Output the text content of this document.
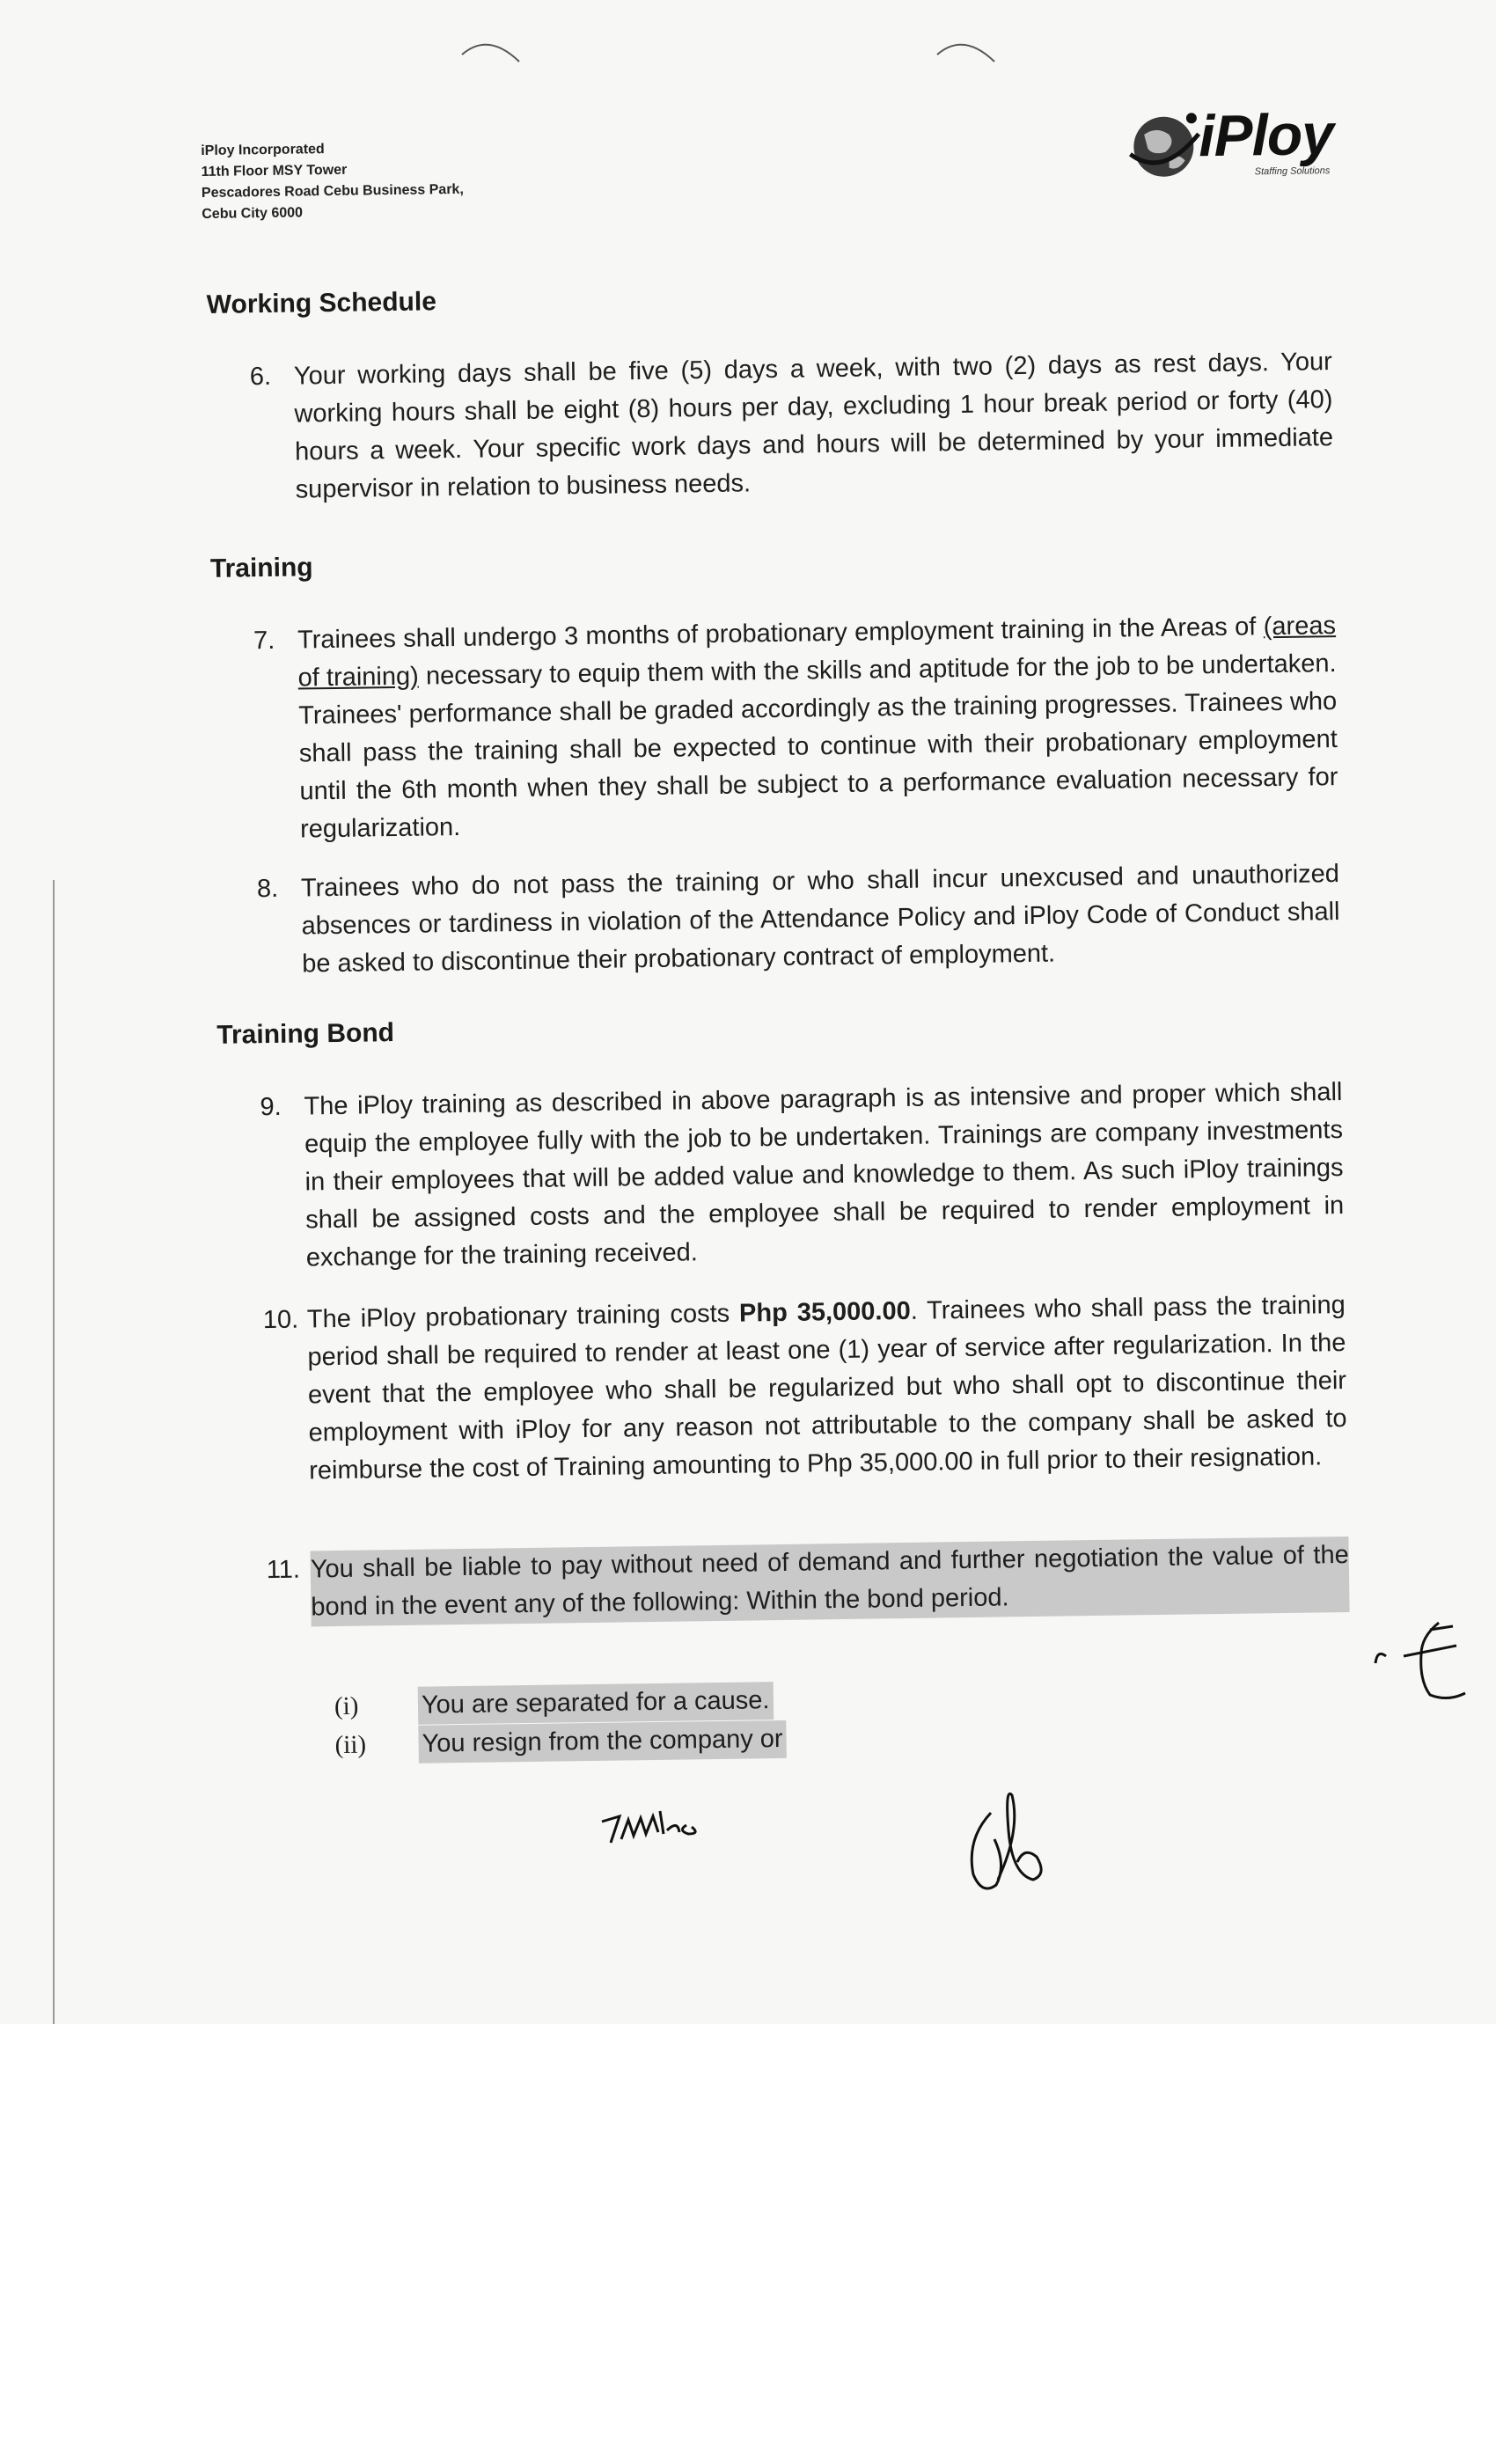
iPloy Incorporated
11th Floor MSY Tower
Pescadores Road Cebu Business Park,
Cebu City 6000
iPloy
Staffing Solutions
Working Schedule
6. Your working days shall be five (5) days a week, with two (2) days as rest days. Your working hours shall be eight (8) hours per day, excluding 1 hour break period or forty (40) hours a week. Your specific work days and hours will be determined by your immediate supervisor in relation to business needs.
Training
7. Trainees shall undergo 3 months of probationary employment training in the Areas of (areas of training) necessary to equip them with the skills and aptitude for the job to be undertaken. Trainees' performance shall be graded accordingly as the training progresses. Trainees who shall pass the training shall be expected to continue with their probationary employment until the 6th month when they shall be subject to a performance evaluation necessary for regularization.
8. Trainees who do not pass the training or who shall incur unexcused and unauthorized absences or tardiness in violation of the Attendance Policy and iPloy Code of Conduct shall be asked to discontinue their probationary contract of employment.
Training Bond
9. The iPloy training as described in above paragraph is as intensive and proper which shall equip the employee fully with the job to be undertaken. Trainings are company investments in their employees that will be added value and knowledge to them. As such iPloy trainings shall be assigned costs and the employee shall be required to render employment in exchange for the training received.
10. The iPloy probationary training costs Php 35,000.00. Trainees who shall pass the training period shall be required to render at least one (1) year of service after regularization. In the event that the employee who shall be regularized but who shall opt to discontinue their employment with iPloy for any reason not attributable to the company shall be asked to reimburse the cost of Training amounting to Php 35,000.00 in full prior to their resignation.
11. You shall be liable to pay without need of demand and further negotiation the value of the bond in the event any of the following: Within the bond period.
(i) You are separated for a cause.
(ii) You resign from the company or
